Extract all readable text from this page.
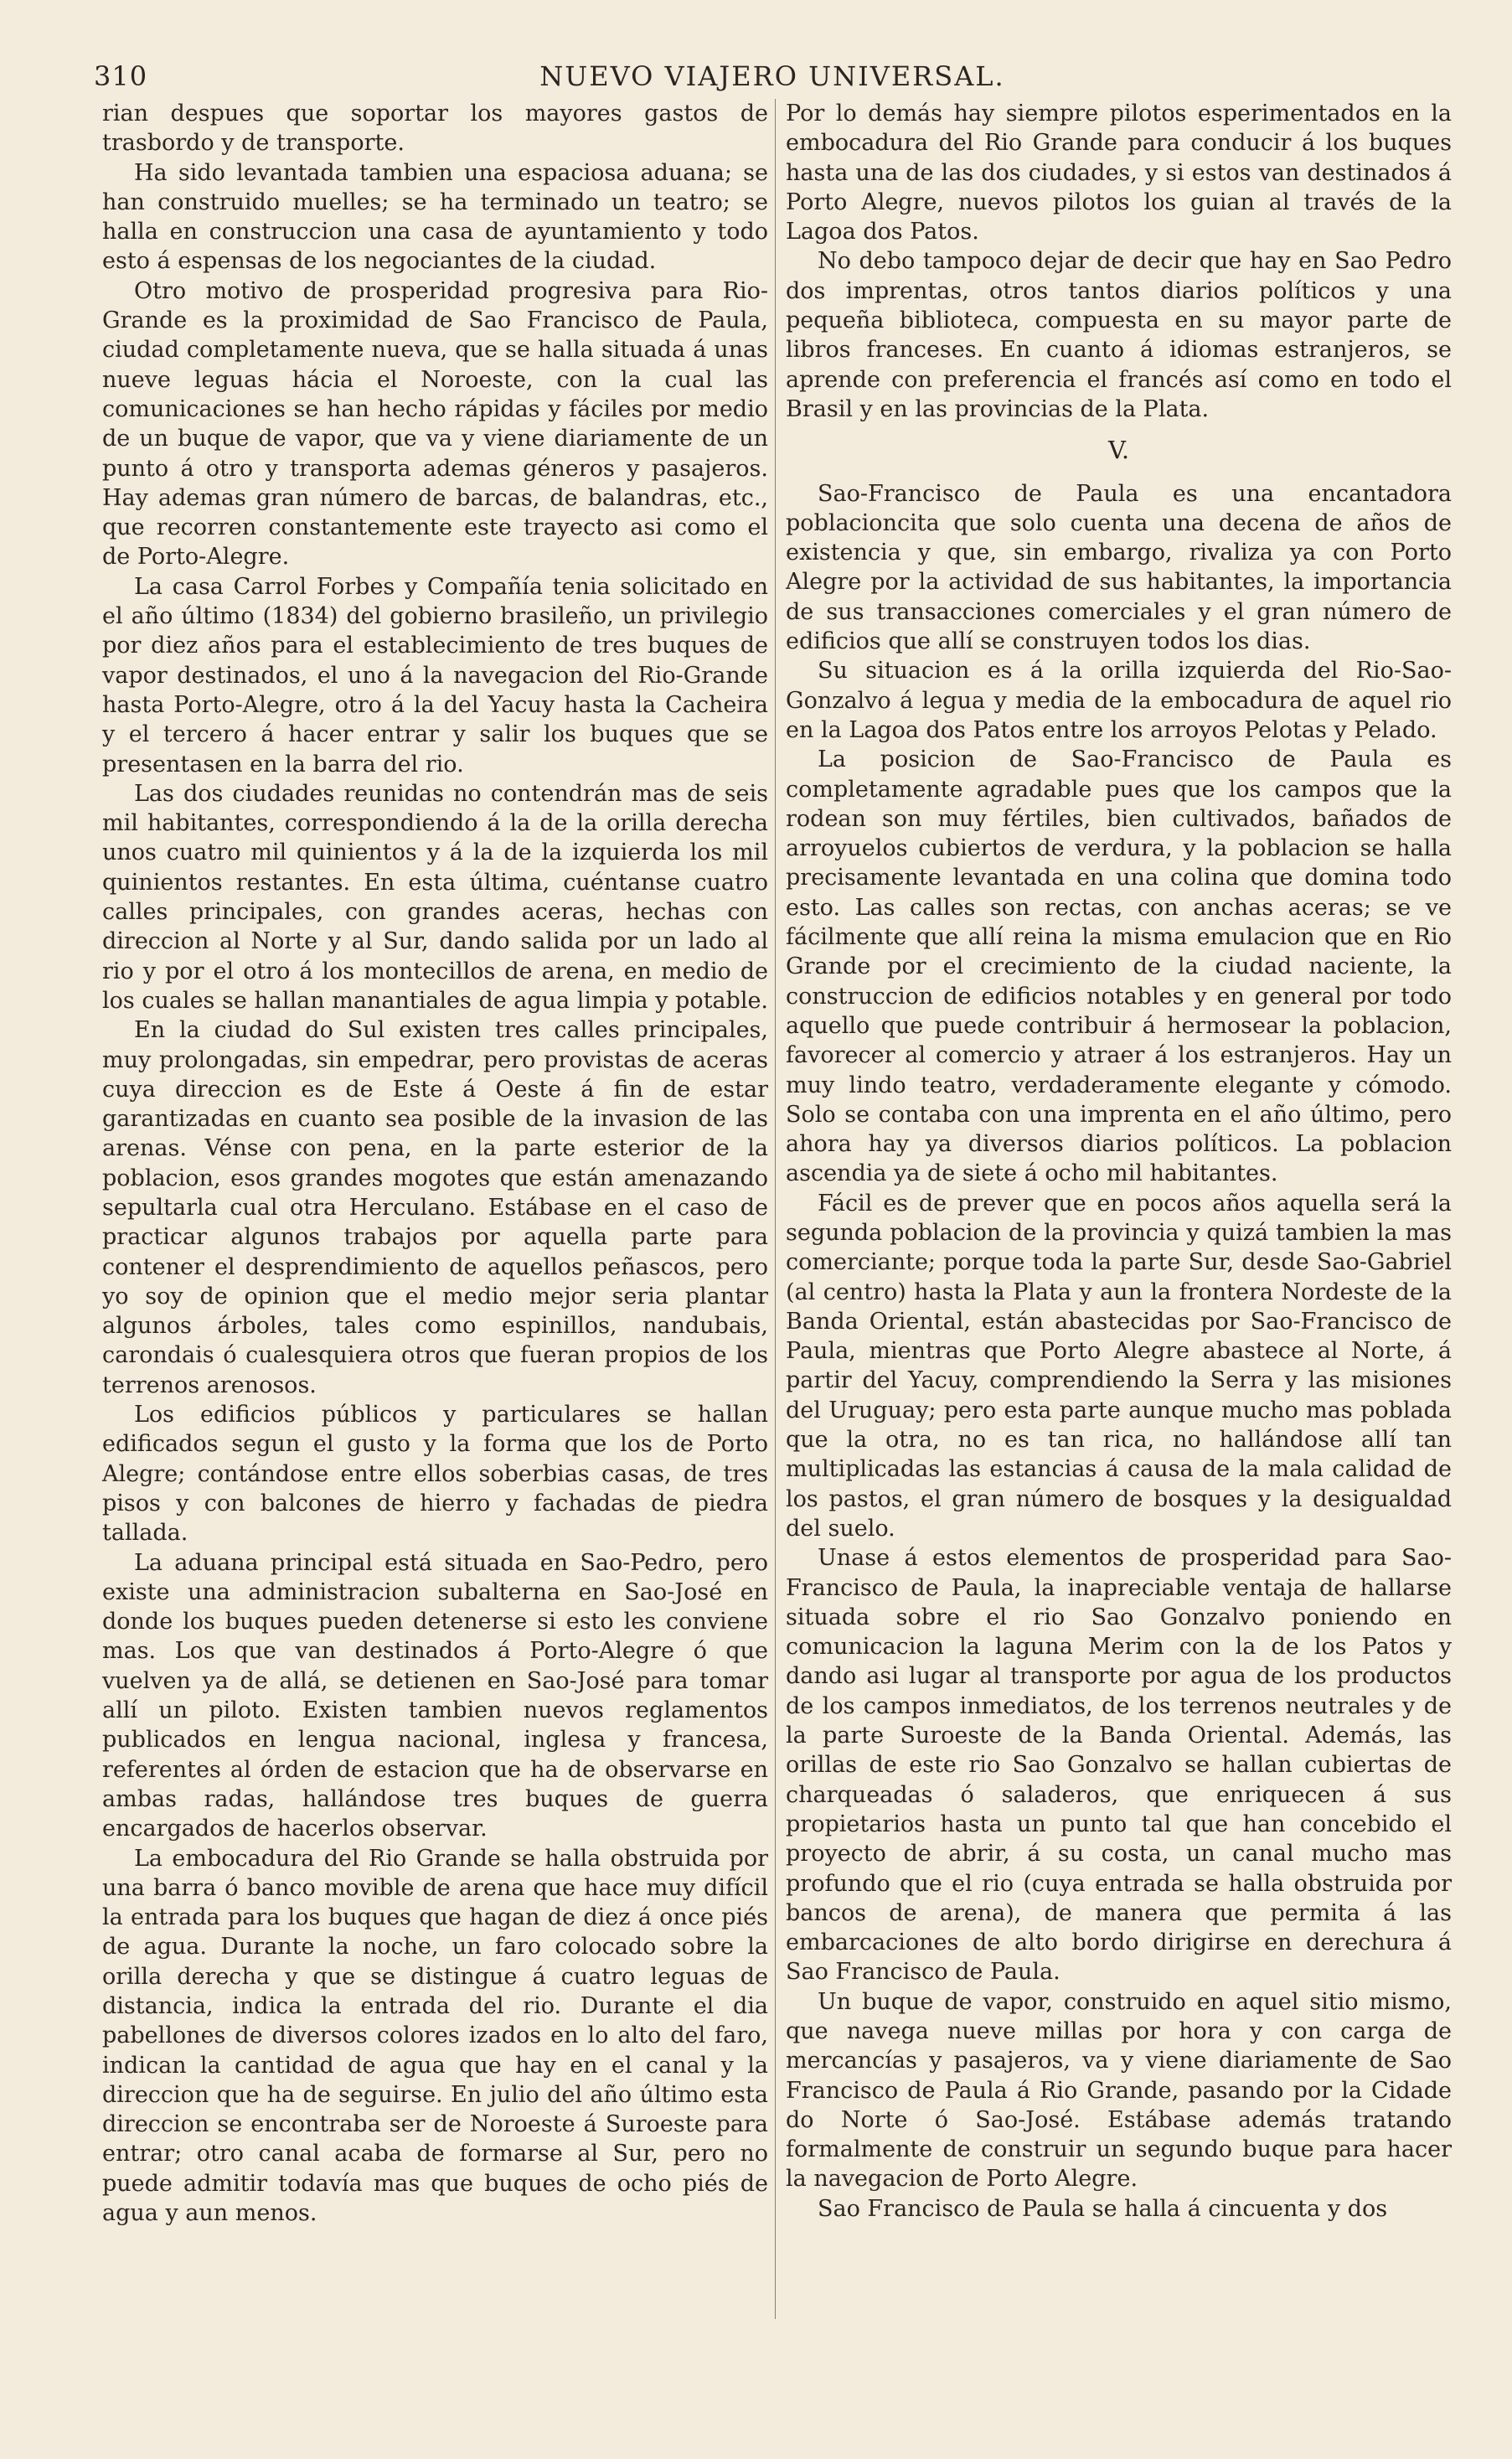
310	NUEVO VIAJERO UNIVERSAL.

rian despues que soportar los mayores gastos de trasbordo y de transporte.

Ha sido levantada tambien una espaciosa aduana; se han construido muelles; se ha terminado un teatro; se halla en construccion una casa de ayuntamiento y todo esto á espensas de los negociantes de la ciudad.

Otro motivo de prosperidad progresiva para Rio-Grande es la proximidad de Sao Francisco de Paula, ciudad completamente nueva, que se halla situada á unas nueve leguas hácia el Noroeste, con la cual las comunicaciones se han hecho rápidas y fáciles por medio de un buque de vapor, que va y viene diariamente de un punto á otro y transporta ademas géneros y pasajeros. Hay ademas gran número de barcas, de balandras, etc., que recorren constantemente este trayecto asi como el de Porto-Alegre.

La casa Carrol Forbes y Compañía tenia solicitado en el año último (1834) del gobierno brasileño, un privilegio por diez años para el establecimiento de tres buques de vapor destinados, el uno á la navegacion del Rio-Grande hasta Porto-Alegre, otro á la del Yacuy hasta la Cacheira y el tercero á hacer entrar y salir los buques que se presentasen en la barra del rio.

Las dos ciudades reunidas no contendrán mas de seis mil habitantes, correspondiendo á la de la orilla derecha unos cuatro mil quinientos y á la de la izquierda los mil quinientos restantes. En esta última, cuéntanse cuatro calles principales, con grandes aceras, hechas con direccion al Norte y al Sur, dando salida por un lado al rio y por el otro á los montecillos de arena, en medio de los cuales se hallan manantiales de agua limpia y potable.

En la ciudad do Sul existen tres calles principales, muy prolongadas, sin empedrar, pero provistas de aceras cuya direccion es de Este á Oeste á fin de estar garantizadas en cuanto sea posible de la invasion de las arenas. Vénse con pena, en la parte esterior de la poblacion, esos grandes mogotes que están amenazando sepultarla cual otra Herculano. Estábase en el caso de practicar algunos trabajos por aquella parte para contener el desprendimiento de aquellos peñascos, pero yo soy de opinion que el medio mejor seria plantar algunos árboles, tales como espinillos, nandubais, carondais ó cualesquiera otros que fueran propios de los terrenos arenosos.

Los edificios públicos y particulares se hallan edificados segun el gusto y la forma que los de Porto Alegre; contándose entre ellos soberbias casas, de tres pisos y con balcones de hierro y fachadas de piedra tallada.

La aduana principal está situada en Sao-Pedro, pero existe una administracion subalterna en Sao-José en donde los buques pueden detenerse si esto les conviene mas. Los que van destinados á Porto-Alegre ó que vuelven ya de allá, se detienen en Sao-José para tomar allí un piloto. Existen tambien nuevos reglamentos publicados en lengua nacional, inglesa y francesa, referentes al órden de estacion que ha de observarse en ambas radas, hallándose tres buques de guerra encargados de hacerlos observar.

La embocadura del Rio Grande se halla obstruida por una barra ó banco movible de arena que hace muy difícil la entrada para los buques que hagan de diez á once piés de agua. Durante la noche, un faro colocado sobre la orilla derecha y que se distingue á cuatro leguas de distancia, indica la entrada del rio. Durante el dia pabellones de diversos colores izados en lo alto del faro, indican la cantidad de agua que hay en el canal y la direccion que ha de seguirse. En julio del año último esta direccion se encontraba ser de Noroeste á Suroeste para entrar; otro canal acaba de formarse al Sur, pero no puede admitir todavía mas que buques de ocho piés de agua y aun menos.

Por lo demás hay siempre pilotos esperimentados en la embocadura del Rio Grande para conducir á los buques hasta una de las dos ciudades, y si estos van destinados á Porto Alegre, nuevos pilotos los guian al través de la Lagoa dos Patos.

No debo tampoco dejar de decir que hay en Sao Pedro dos imprentas, otros tantos diarios políticos y una pequeña biblioteca, compuesta en su mayor parte de libros franceses. En cuanto á idiomas estranjeros, se aprende con preferencia el francés así como en todo el Brasil y en las provincias de la Plata.

V.

Sao-Francisco de Paula es una encantadora poblacioncita que solo cuenta una decena de años de existencia y que, sin embargo, rivaliza ya con Porto Alegre por la actividad de sus habitantes, la importancia de sus transacciones comerciales y el gran número de edificios que allí se construyen todos los dias.

Su situacion es á la orilla izquierda del Rio-Sao-Gonzalvo á legua y media de la embocadura de aquel rio en la Lagoa dos Patos entre los arroyos Pelotas y Pelado.

La posicion de Sao-Francisco de Paula es completamente agradable pues que los campos que la rodean son muy fértiles, bien cultivados, bañados de arroyuelos cubiertos de verdura, y la poblacion se halla precisamente levantada en una colina que domina todo esto. Las calles son rectas, con anchas aceras; se ve fácilmente que allí reina la misma emulacion que en Rio Grande por el crecimiento de la ciudad naciente, la construccion de edificios notables y en general por todo aquello que puede contribuir á hermosear la poblacion, favorecer al comercio y atraer á los estranjeros. Hay un muy lindo teatro, verdaderamente elegante y cómodo. Solo se contaba con una imprenta en el año último, pero ahora hay ya diversos diarios políticos. La poblacion ascendia ya de siete á ocho mil habitantes.

Fácil es de prever que en pocos años aquella será la segunda poblacion de la provincia y quizá tambien la mas comerciante; porque toda la parte Sur, desde Sao-Gabriel (al centro) hasta la Plata y aun la frontera Nordeste de la Banda Oriental, están abastecidas por Sao-Francisco de Paula, mientras que Porto Alegre abastece al Norte, á partir del Yacuy, comprendiendo la Serra y las misiones del Uruguay; pero esta parte aunque mucho mas poblada que la otra, no es tan rica, no hallándose allí tan multiplicadas las estancias á causa de la mala calidad de los pastos, el gran número de bosques y la desigualdad del suelo.

Unase á estos elementos de prosperidad para Sao-Francisco de Paula, la inapreciable ventaja de hallarse situada sobre el rio Sao Gonzalvo poniendo en comunicacion la laguna Merim con la de los Patos y dando asi lugar al transporte por agua de los productos de los campos inmediatos, de los terrenos neutrales y de la parte Suroeste de la Banda Oriental. Además, las orillas de este rio Sao Gonzalvo se hallan cubiertas de charqueadas ó saladeros, que enriquecen á sus propietarios hasta un punto tal que han concebido el proyecto de abrir, á su costa, un canal mucho mas profundo que el rio (cuya entrada se halla obstruida por bancos de arena), de manera que permita á las embarcaciones de alto bordo dirigirse en derechura á Sao Francisco de Paula.

Un buque de vapor, construido en aquel sitio mismo, que navega nueve millas por hora y con carga de mercancías y pasajeros, va y viene diariamente de Sao Francisco de Paula á Rio Grande, pasando por la Cidade do Norte ó Sao-José. Estábase además tratando formalmente de construir un segundo buque para hacer la navegacion de Porto Alegre.

Sao Francisco de Paula se halla á cincuenta y dos
